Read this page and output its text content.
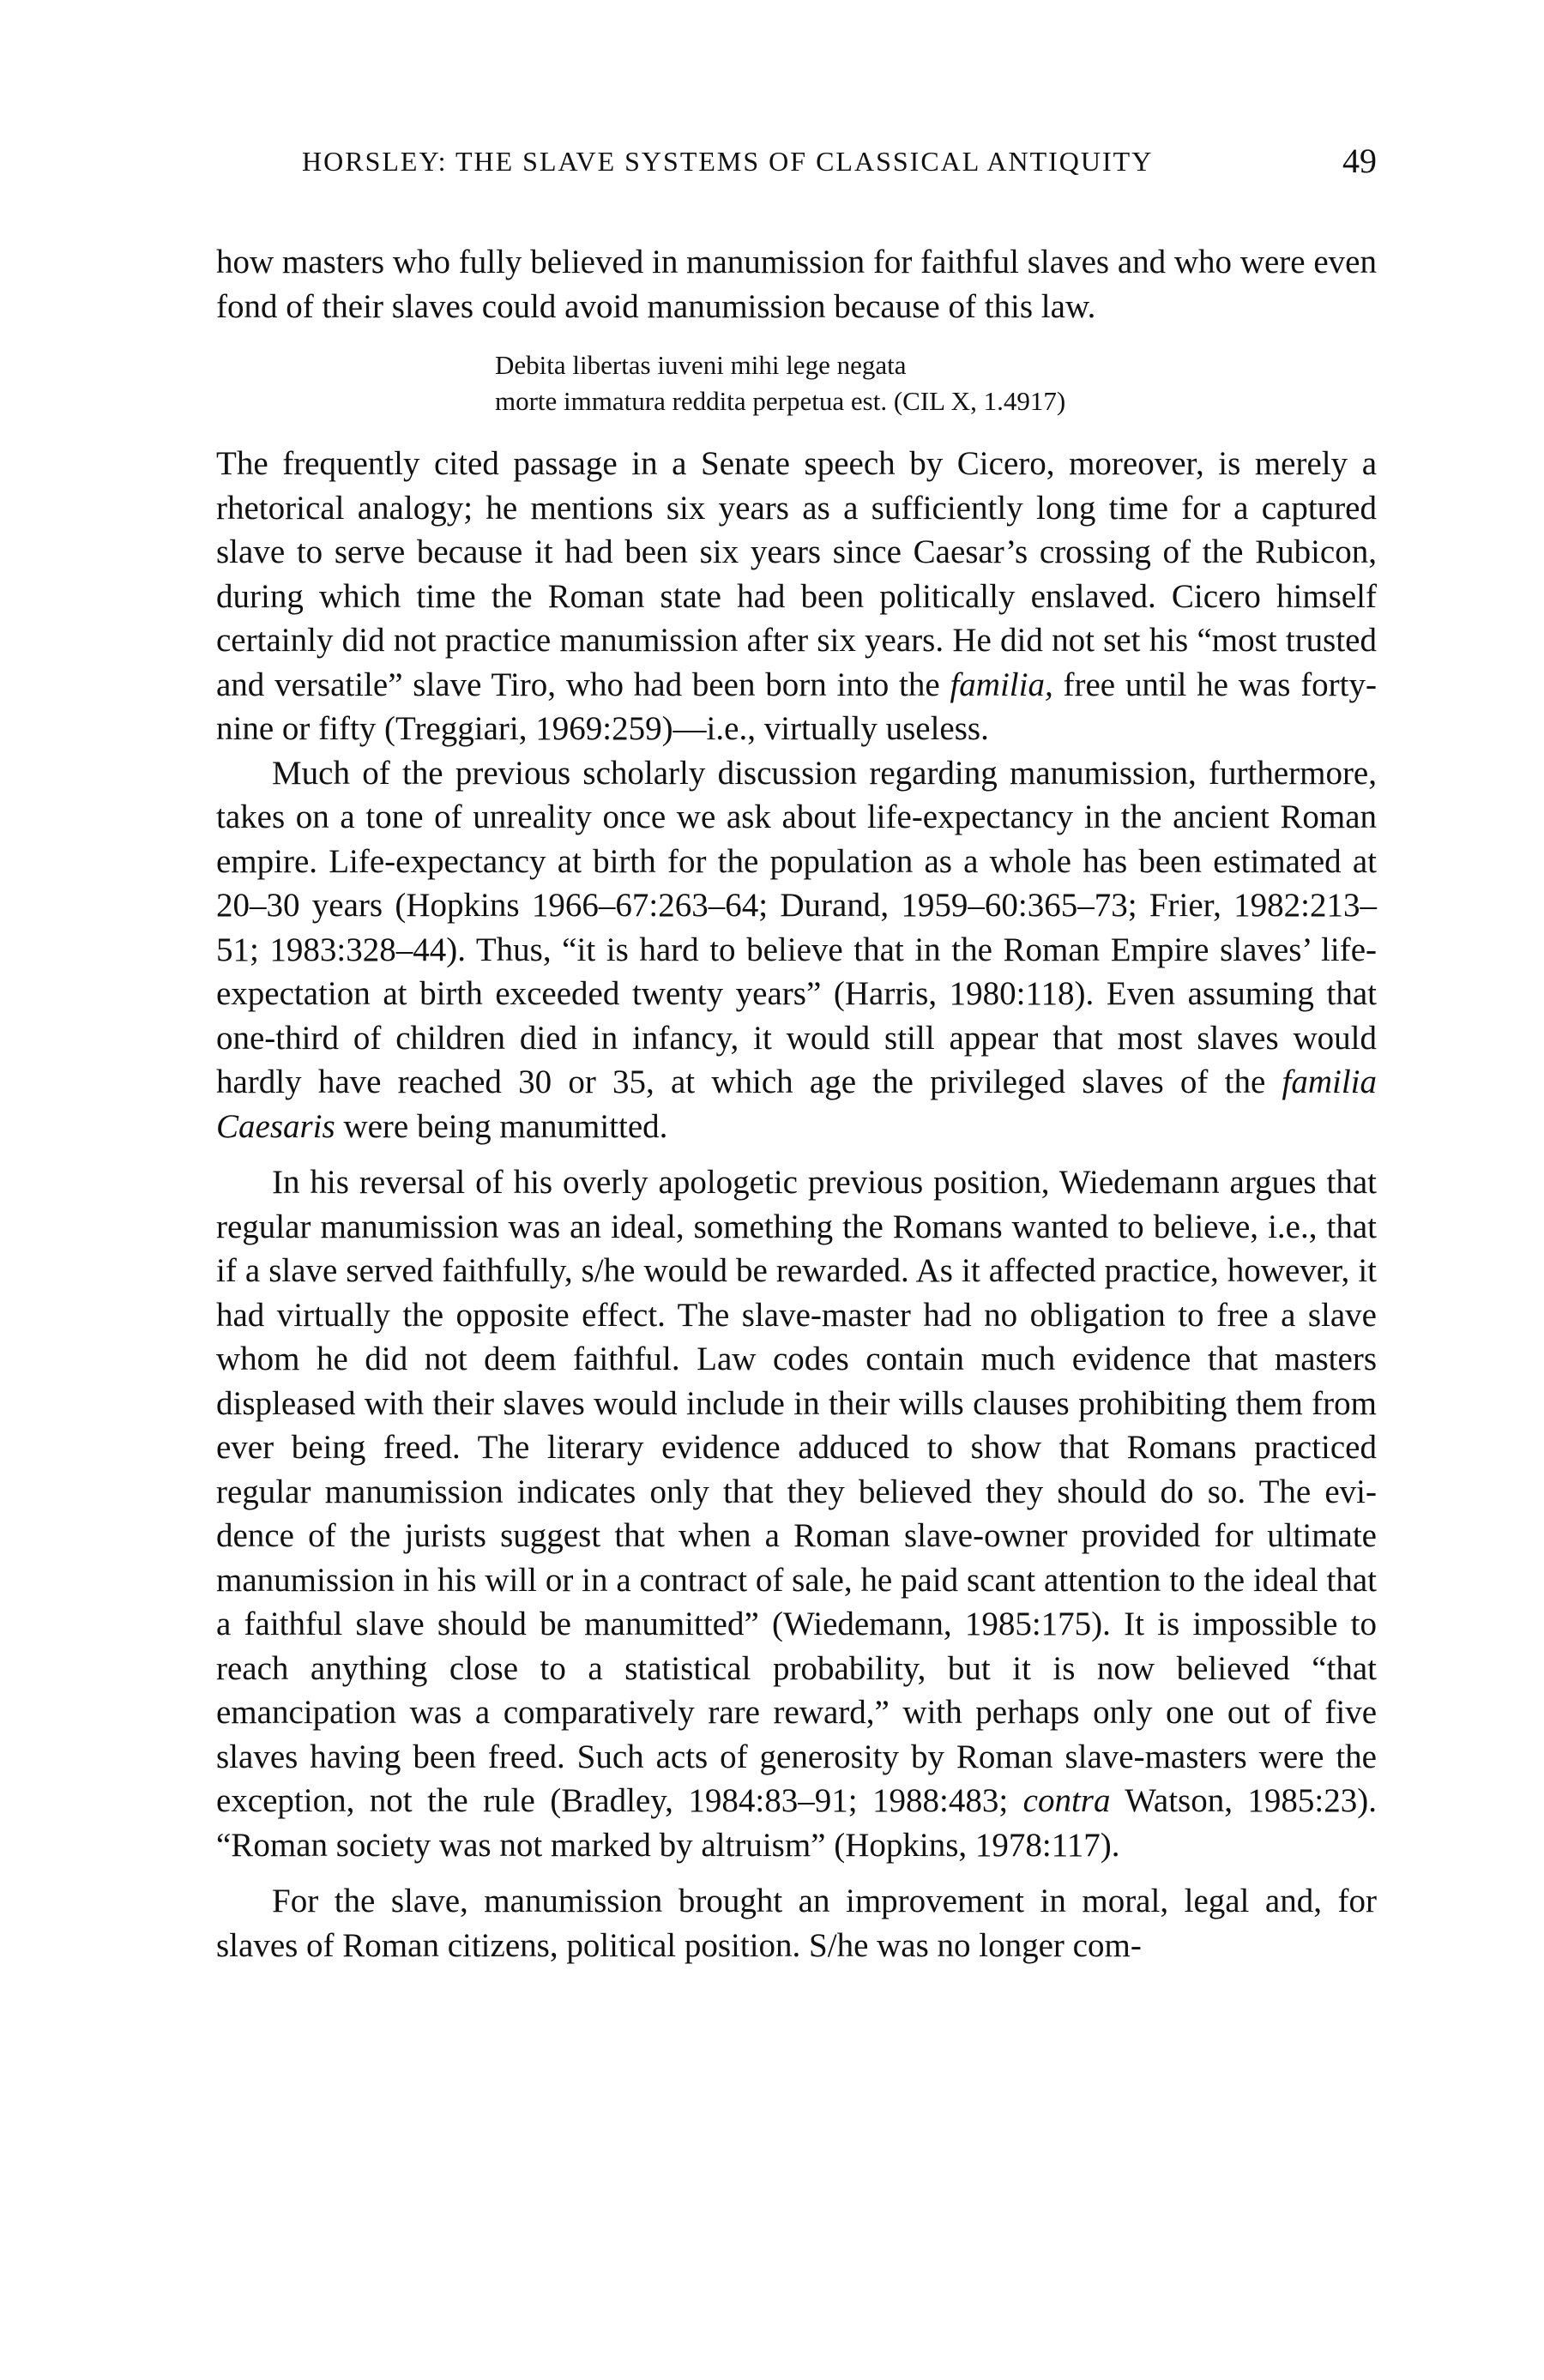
HORSLEY: THE SLAVE SYSTEMS OF CLASSICAL ANTIQUITY	49

how masters who fully believed in manumission for faithful slaves and who were even fond of their slaves could avoid manumission because of this law.

Debita libertas iuveni mihi lege negata
morte immatura reddita perpetua est. (CIL X, 1.4917)

The frequently cited passage in a Senate speech by Cicero, moreover, is merely a rhetorical analogy; he mentions six years as a sufficiently long time for a captured slave to serve because it had been six years since Caesar’s crossing of the Rubicon, during which time the Roman state had been politically enslaved. Cicero himself certainly did not practice manumission after six years. He did not set his “most trusted and versatile” slave Tiro, who had been born into the familia, free until he was forty-nine or fifty (Treggiari, 1969:259)—i.e., virtually useless.

Much of the previous scholarly discussion regarding manumission, furthermore, takes on a tone of unreality once we ask about life-expectancy in the ancient Roman empire. Life-expectancy at birth for the population as a whole has been estimated at 20–30 years (Hopkins 1966–67:263–64; Durand, 1959–60:365–73; Frier, 1982:213–51; 1983:328–44). Thus, “it is hard to believe that in the Roman Empire slaves’ life-expectation at birth exceeded twenty years” (Harris, 1980:118). Even assuming that one-third of children died in infancy, it would still appear that most slaves would hardly have reached 30 or 35, at which age the privileged slaves of the familia Caesaris were being manumitted.

In his reversal of his overly apologetic previous position, Wiedemann argues that regular manumission was an ideal, something the Romans wanted to believe, i.e., that if a slave served faithfully, s/he would be rewarded. As it affected practice, however, it had virtually the opposite effect. The slave-master had no obligation to free a slave whom he did not deem faithful. Law codes contain much evidence that masters displeased with their slaves would include in their wills clauses prohibiting them from ever being freed. The literary evidence adduced to show that Romans practiced regular manumission indicates only that they believed they should do so. The evidence of the jurists suggest that when a Roman slave-owner provided for ultimate manumission in his will or in a contract of sale, he paid scant attention to the ideal that a faithful slave should be manumitted” (Wiedemann, 1985:175). It is impossible to reach anything close to a statistical probability, but it is now believed “that emancipation was a comparatively rare reward,” with perhaps only one out of five slaves having been freed. Such acts of generosity by Roman slave-masters were the exception, not the rule (Bradley, 1984:83–91; 1988:483; contra Watson, 1985:23). “Roman society was not marked by altruism” (Hopkins, 1978:117).

For the slave, manumission brought an improvement in moral, legal and, for slaves of Roman citizens, political position. S/he was no longer com-
